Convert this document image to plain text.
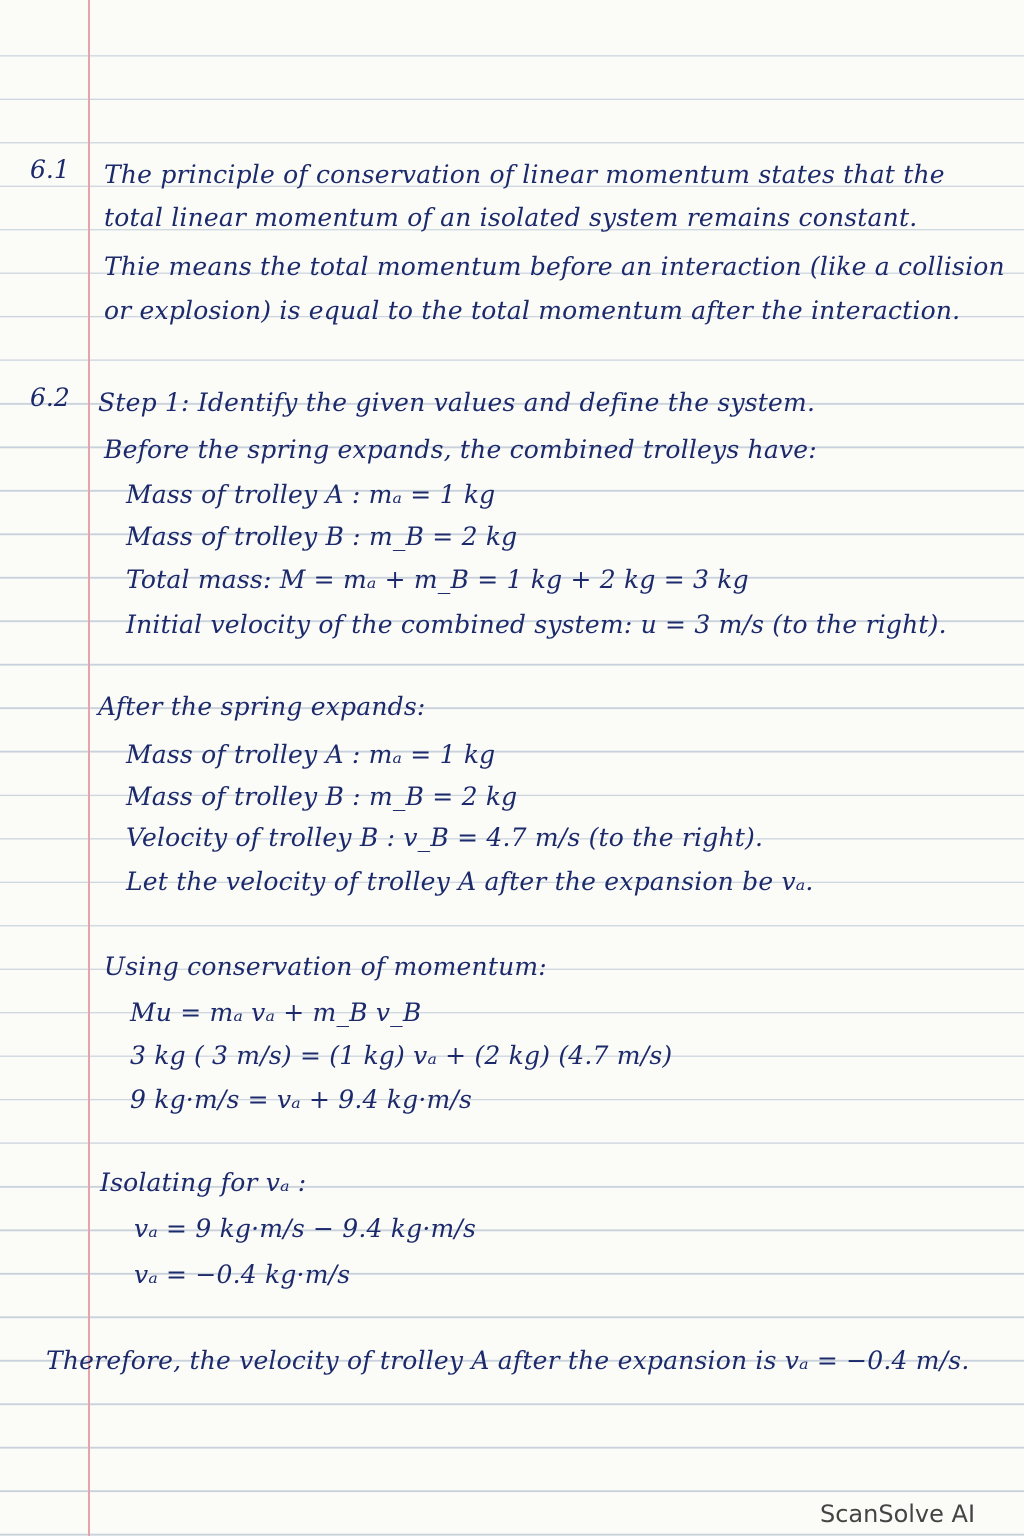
6.1 The principle of conservation of linear momentum states that the
total linear momentum of an isolated system remains constant.
Thie means the total momentum before an interaction (like a collision
or explosion) is equal to the total momentum after the interaction.
6.2 Step 1: Identify the given values and define the system.
Before the spring expands, the combined trolleys have:
Mass of trolley A : mₐ = 1 kg
Mass of trolley B : m_B = 2 kg
Total mass: M = mₐ + m_B = 1 kg + 2 kg = 3 kg
Initial velocity of the combined system: u = 3 m/s (to the right).
After the spring expands:
Mass of trolley A : mₐ = 1 kg
Mass of trolley B : m_B = 2 kg
Velocity of trolley B : v_B = 4.7 m/s (to the right).
Let the velocity of trolley A after the expansion be vₐ.
Using conservation of momentum:
Mu = mₐ vₐ + m_B v_B
3 kg ( 3 m/s) = (1 kg) vₐ + (2 kg) (4.7 m/s)
9 kg·m/s = vₐ + 9.4 kg·m/s
Isolating for vₐ :
vₐ = 9 kg·m/s − 9.4 kg·m/s
vₐ = −0.4 kg·m/s
Therefore, the velocity of trolley A after the expansion is vₐ = −0.4 m/s.
ScanSolve AI
